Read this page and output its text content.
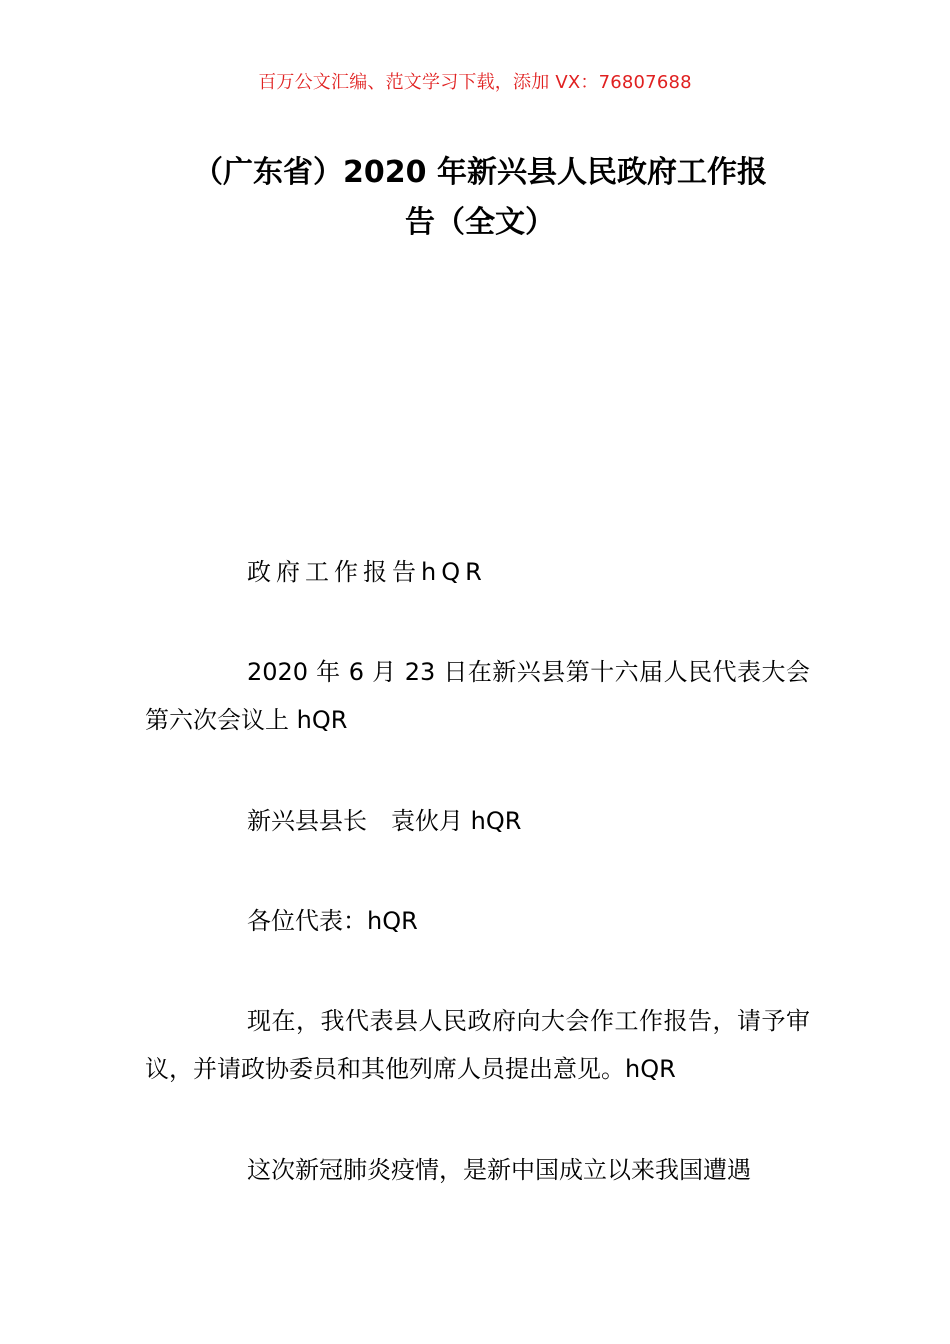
百万公文汇编、范文学习下载，添加 VX：76807688
（广东省）2020 年新兴县人民政府工作报
告（全文）
政府工作报告hQR
2020 年 6 月 23 日在新兴县第十六届人民代表大会第六次会议上 hQR
新兴县县长　袁伙月 hQR
各位代表：hQR
现在，我代表县人民政府向大会作工作报告，请予审议，并请政协委员和其他列席人员提出意见。hQR
这次新冠肺炎疫情，是新中国成立以来我国遭遇
